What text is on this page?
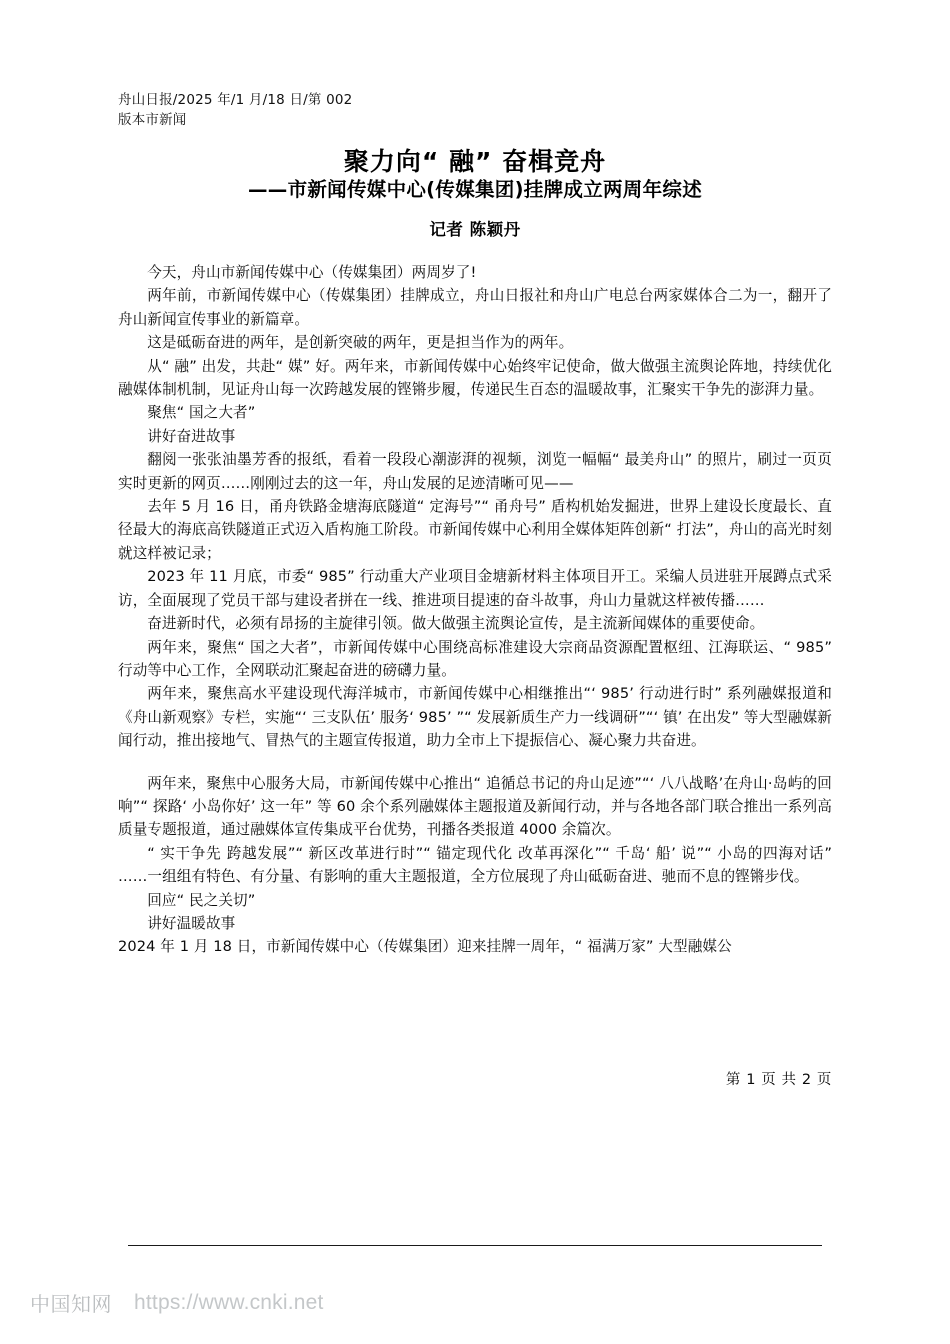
舟山日报/2025 年/1 月/18 日/第 002
版本市新闻
聚力向“ 融” 奋楫竞舟
——市新闻传媒中心(传媒集团)挂牌成立两周年综述
记者 陈颖丹

今天，舟山市新闻传媒中心（传媒集团）两周岁了!

两年前，市新闻传媒中心（传媒集团）挂牌成立，舟山日报社和舟山广电总台两家媒体合二为一，翻开了舟山新闻宣传事业的新篇章。

这是砥砺奋进的两年，是创新突破的两年，更是担当作为的两年。

从“ 融” 出发，共赴“ 媒” 好。两年来，市新闻传媒中心始终牢记使命，做大做强主流舆论阵地，持续优化融媒体制机制，见证舟山每一次跨越发展的铿锵步履，传递民生百态的温暖故事，汇聚实干争先的澎湃力量。

聚焦“ 国之大者”

讲好奋进故事

翻阅一张张油墨芳香的报纸，看着一段段心潮澎湃的视频，浏览一幅幅“ 最美舟山” 的照片，刷过一页页实时更新的网页……刚刚过去的这一年，舟山发展的足迹清晰可见——

去年 5 月 16 日，甬舟铁路金塘海底隧道“ 定海号”“ 甬舟号” 盾构机始发掘进，世界上建设长度最长、直径最大的海底高铁隧道正式迈入盾构施工阶段。市新闻传媒中心利用全媒体矩阵创新“ 打法”，舟山的高光时刻就这样被记录；

2023 年 11 月底，市委“ 985” 行动重大产业项目金塘新材料主体项目开工。采编人员进驻开展蹲点式采访，全面展现了党员干部与建设者拼在一线、推进项目提速的奋斗故事，舟山力量就这样被传播……

奋进新时代，必须有昂扬的主旋律引领。做大做强主流舆论宣传，是主流新闻媒体的重要使命。

两年来，聚焦“ 国之大者”，市新闻传媒中心围绕高标准建设大宗商品资源配置枢纽、江海联运、“ 985” 行动等中心工作，全网联动汇聚起奋进的磅礴力量。

两年来，聚焦高水平建设现代海洋城市，市新闻传媒中心相继推出“‘ 985’ 行动进行时” 系列融媒报道和《舟山新观察》专栏，实施“‘ 三支队伍’ 服务‘ 985’ ”“ 发展新质生产力一线调研”“‘ 镇’ 在出发” 等大型融媒新闻行动，推出接地气、冒热气的主题宣传报道，助力全市上下提振信心、凝心聚力共奋进。

两年来，聚焦中心服务大局，市新闻传媒中心推出“ 追循总书记的舟山足迹”“‘ 八八战略’在舟山·岛屿的回响”“ 探路‘ 小岛你好’ 这一年” 等 60 余个系列融媒体主题报道及新闻行动，并与各地各部门联合推出一系列高质量专题报道，通过融媒体宣传集成平台优势，刊播各类报道 4000 余篇次。

“ 实干争先 跨越发展”“ 新区改革进行时”“ 锚定现代化 改革再深化”“ 千岛‘ 船’ 说”“ 小岛的四海对话” ……一组组有特色、有分量、有影响的重大主题报道，全方位展现了舟山砥砺奋进、驰而不息的铿锵步伐。

回应“ 民之关切”

讲好温暖故事

2024 年 1 月 18 日，市新闻传媒中心（传媒集团）迎来挂牌一周年，“ 福满万家” 大型融媒公

第 1 页 共 2 页
中国知网 https://www.cnki.net
